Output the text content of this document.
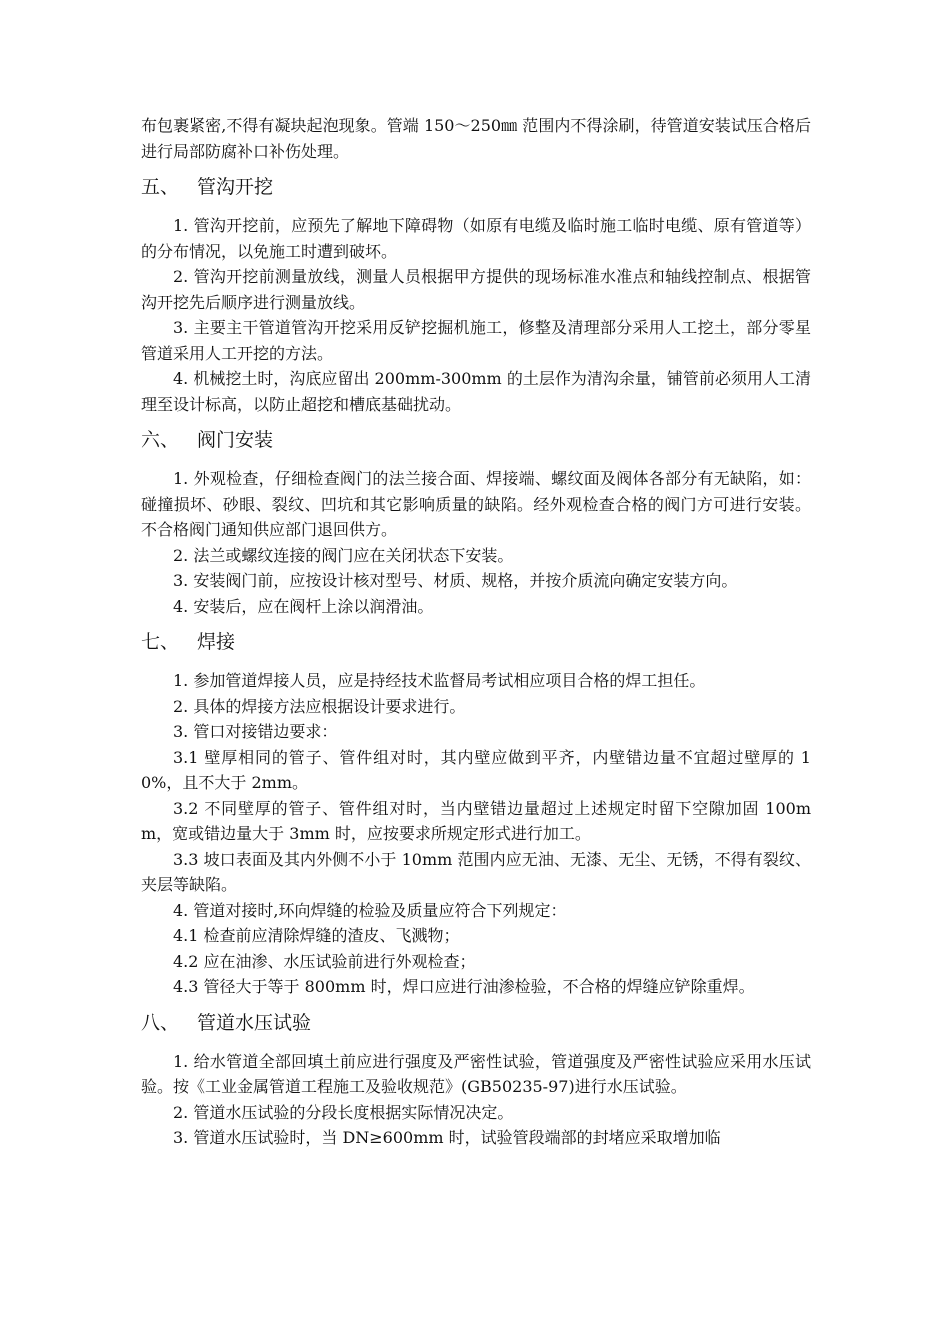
布包裹紧密,不得有凝块起泡现象。管端 150～250㎜ 范围内不得涂刷，待管道安装试压合格后进行局部防腐补口补伤处理。

五、 管沟开挖

1. 管沟开挖前，应预先了解地下障碍物（如原有电缆及临时施工临时电缆、原有管道等）的分布情况，以免施工时遭到破坏。

2. 管沟开挖前测量放线，测量人员根据甲方提供的现场标准水准点和轴线控制点、根据管沟开挖先后顺序进行测量放线。

3. 主要主干管道管沟开挖采用反铲挖掘机施工，修整及清理部分采用人工挖土，部分零星管道采用人工开挖的方法。

4. 机械挖土时，沟底应留出 200mm-300mm 的土层作为清沟余量，铺管前必须用人工清理至设计标高，以防止超挖和槽底基础扰动。

六、 阀门安装

1. 外观检查，仔细检查阀门的法兰接合面、焊接端、螺纹面及阀体各部分有无缺陷，如：碰撞损坏、砂眼、裂纹、凹坑和其它影响质量的缺陷。经外观检查合格的阀门方可进行安装。不合格阀门通知供应部门退回供方。

2. 法兰或螺纹连接的阀门应在关闭状态下安装。

3. 安装阀门前，应按设计核对型号、材质、规格，并按介质流向确定安装方向。

4. 安装后，应在阀杆上涂以润滑油。

七、 焊接

1. 参加管道焊接人员，应是持经技术监督局考试相应项目合格的焊工担任。

2. 具体的焊接方法应根据设计要求进行。

3. 管口对接错边要求：

3.1 壁厚相同的管子、管件组对时，其内壁应做到平齐，内壁错边量不宜超过壁厚的 10%，且不大于 2mm。

3.2 不同壁厚的管子、管件组对时，当内壁错边量超过上述规定时留下空隙加固 100mm，宽或错边量大于 3mm 时，应按要求所规定形式进行加工。

3.3 坡口表面及其内外侧不小于 10mm 范围内应无油、无漆、无尘、无锈，不得有裂纹、夹层等缺陷。

4. 管道对接时,环向焊缝的检验及质量应符合下列规定：

4.1 检查前应清除焊缝的渣皮、飞溅物；

4.2 应在油渗、水压试验前进行外观检查；

4.3 管径大于等于 800mm 时，焊口应进行油渗检验，不合格的焊缝应铲除重焊。

八、 管道水压试验

1. 给水管道全部回填土前应进行强度及严密性试验，管道强度及严密性试验应采用水压试验。按《工业金属管道工程施工及验收规范》(GB50235-97)进行水压试验。

2. 管道水压试验的分段长度根据实际情况决定。

3. 管道水压试验时，当 DN≥600mm 时，试验管段端部的封堵应采取增加临
